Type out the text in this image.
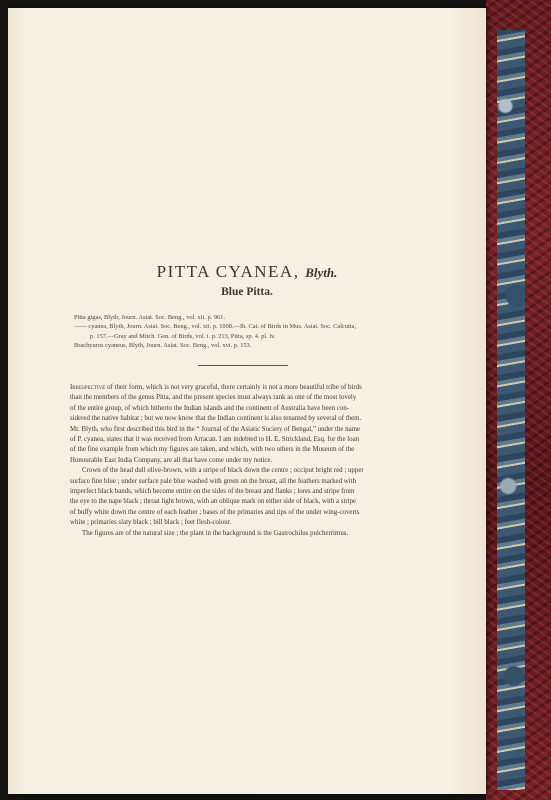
PITTA CYANEA, Blyth.
Blue Pitta.
Pitta gigas, Blyth, Journ. Asiat. Soc. Beng., vol. xii. p. 961.
—— cyanea, Blyth, Journ. Asiat. Soc. Beng., vol. xii. p. 1008.—Ib. Cat. of Birds in Mus. Asiat. Soc. Calcutta,
p. 157.—Gray and Mitch. Gen. of Birds, vol. i. p. 213, Pitta, sp. 4. pl. lv.
Brachyurus cyaneus, Blyth, Journ. Asiat. Soc. Beng., vol. xvi. p. 153.

Irrespective of their form, which is not very graceful, there certainly is not a more beautiful tribe of birds
than the members of the genus Pitta, and the present species must always rank as one of the most lovely
of the entire group, of which hitherto the Indian islands and the continent of Australia have been con-
sidered the native habitat ; but we now know that the Indian continent is also tenanted by several of them.
Mr. Blyth, who first described this bird in the “ Journal of the Asiatic Society of Bengal,” under the name
of P. cyanea, states that it was received from Arracan. I am indebted to H. E. Strickland, Esq. for the loan
of the fine example from which my figures are taken, and which, with two others in the Museum of the
Honourable East India Company, are all that have come under my notice.

Crown of the head dull olive-brown, with a stripe of black down the centre ; occiput bright red ; upper
surface fine blue ; under surface pale blue washed with green on the breast, all the feathers marked with
imperfect black bands, which become entire on the sides of the breast and flanks ; lores and stripe from
the eye to the nape black ; throat light brown, with an oblique mark on either side of black, with a stripe
of buffy white down the centre of each feather ; bases of the primaries and tips of the under wing-coverts
white ; primaries slaty black ; bill black ; feet flesh-colour.

The figures are of the natural size ; the plant in the background is the Gastrochilus pulcherrimus.
